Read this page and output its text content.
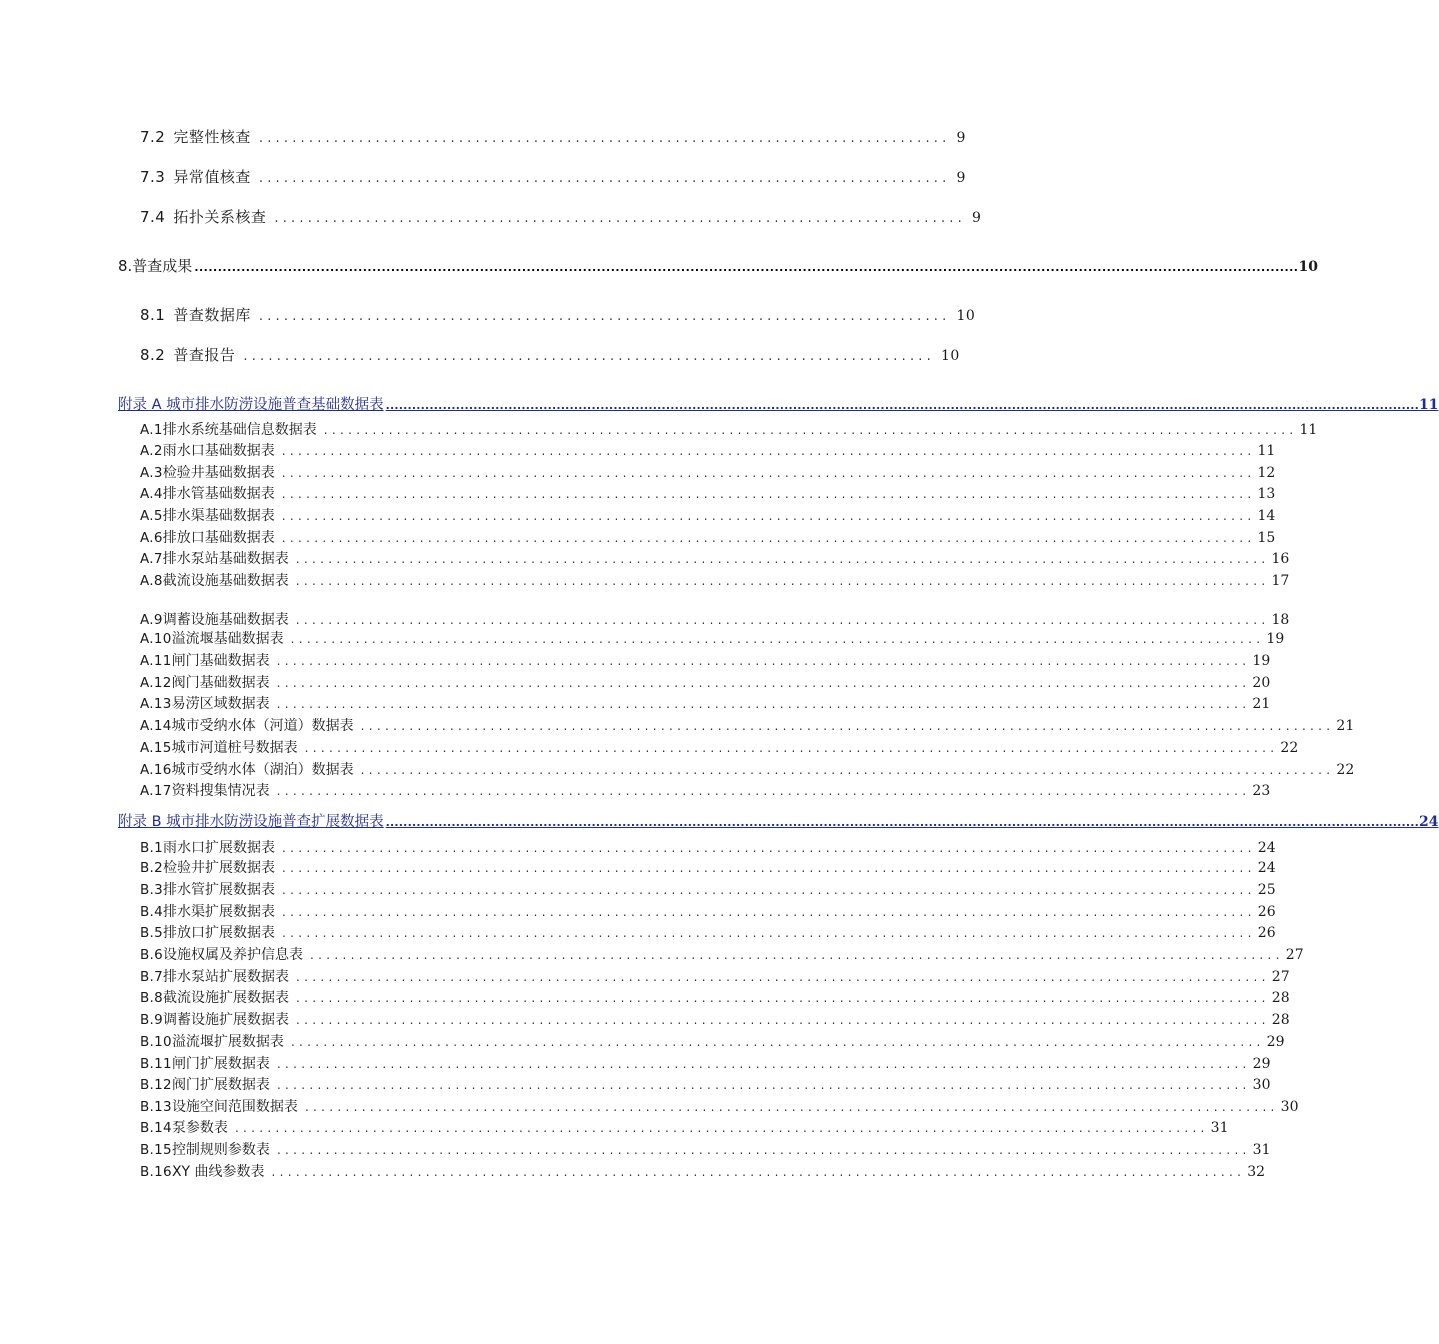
7.2 完整性核查 ................................................................................... 9
7.3 异常值核查 ................................................................................... 9
7.4 拓扑关系核查 ................................................................................... 9
8.普查成果 ............................................................................................................................................................................................................................................ 10
8.1 普查数据库 ................................................................................... 10
8.2 普查报告 ................................................................................... 10
附录 A 城市排水防涝设施普查基础数据表 ............................................................................................................................................................................................................................................ 11
A.1 排水系统基础信息数据表 ........................................................................................................................ 11
A.2 雨水口基础数据表 ........................................................................................................................ 11
A.3 检验井基础数据表 ........................................................................................................................ 12
A.4 排水管基础数据表 ........................................................................................................................ 13
A.5 排水渠基础数据表 ........................................................................................................................ 14
A.6 排放口基础数据表 ........................................................................................................................ 15
A.7 排水泵站基础数据表 ........................................................................................................................ 16
A.8 截流设施基础数据表 ........................................................................................................................ 17
A.9 调蓄设施基础数据表 ........................................................................................................................ 18
A.10 溢流堰基础数据表 ........................................................................................................................ 19
A.11 闸门基础数据表 ........................................................................................................................ 19
A.12 阀门基础数据表 ........................................................................................................................ 20
A.13 易涝区域数据表 ........................................................................................................................ 21
A.14 城市受纳水体（河道）数据表 ........................................................................................................................ 21
A.15 城市河道桩号数据表 ........................................................................................................................ 22
A.16 城市受纳水体（湖泊）数据表 ........................................................................................................................ 22
A.17 资料搜集情况表 ........................................................................................................................ 23
附录 B 城市排水防涝设施普查扩展数据表 ............................................................................................................................................................................................................................................ 24
B.1 雨水口扩展数据表 ........................................................................................................................ 24
B.2 检验井扩展数据表 ........................................................................................................................ 24
B.3 排水管扩展数据表 ........................................................................................................................ 25
B.4 排水渠扩展数据表 ........................................................................................................................ 26
B.5 排放口扩展数据表 ........................................................................................................................ 26
B.6 设施权属及养护信息表 ........................................................................................................................ 27
B.7 排水泵站扩展数据表 ........................................................................................................................ 27
B.8 截流设施扩展数据表 ........................................................................................................................ 28
B.9 调蓄设施扩展数据表 ........................................................................................................................ 28
B.10 溢流堰扩展数据表 ........................................................................................................................ 29
B.11 闸门扩展数据表 ........................................................................................................................ 29
B.12 阀门扩展数据表 ........................................................................................................................ 30
B.13 设施空间范围数据表 ........................................................................................................................ 30
B.14 泵参数表 ........................................................................................................................ 31
B.15 控制规则参数表 ........................................................................................................................ 31
B.16 XY 曲线参数表 ........................................................................................................................ 32
